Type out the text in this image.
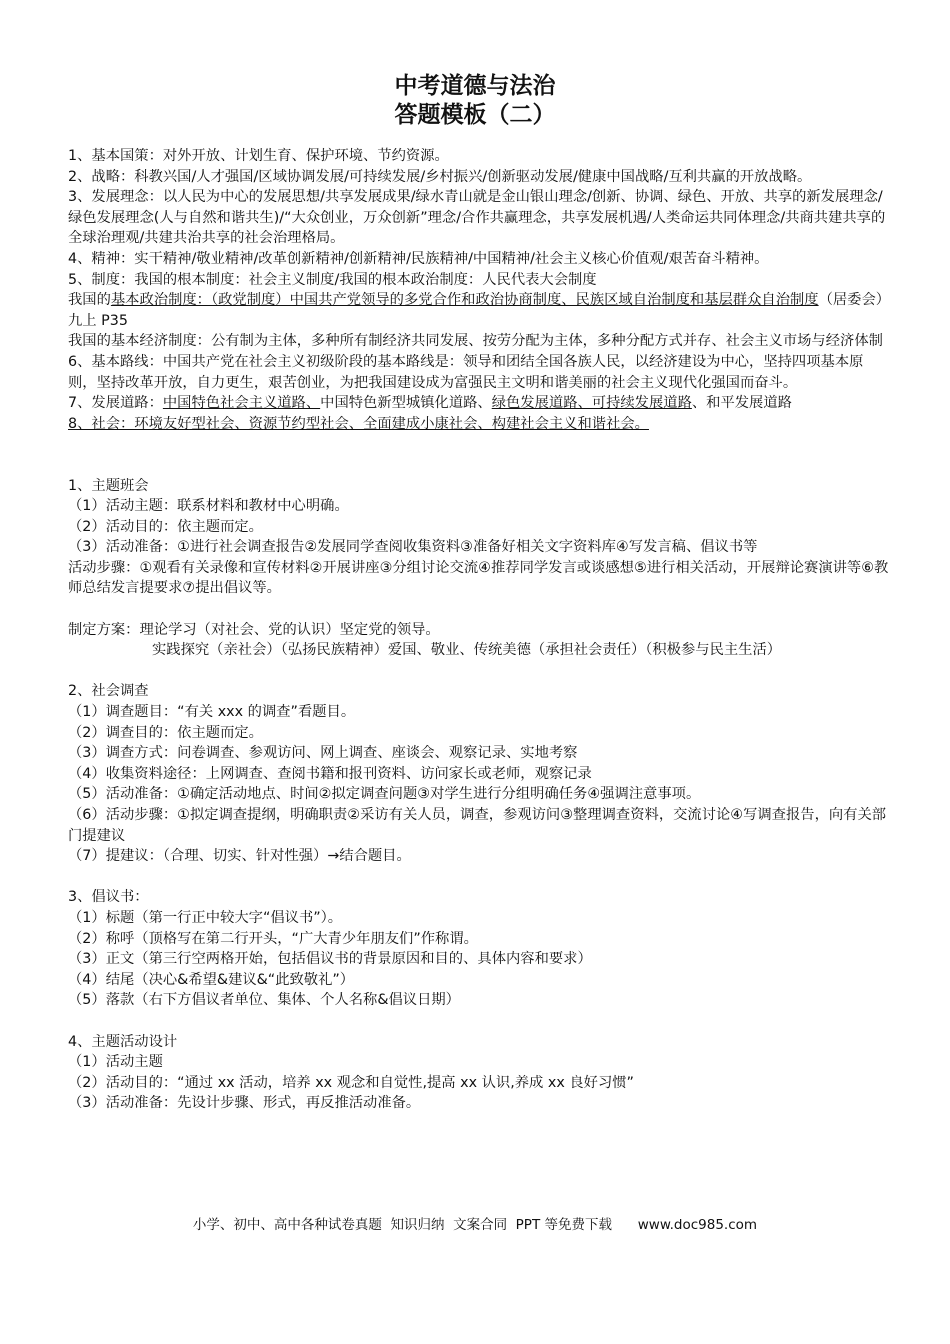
中考道德与法治
答题模板（二）

1、基本国策：对外开放、计划生育、保护环境、节约资源。

2、战略：科教兴国/人才强国/区域协调发展/可持续发展/乡村振兴/创新驱动发展/健康中国战略/互利共赢的开放战略。

3、发展理念：以人民为中心的发展思想/共享发展成果/绿水青山就是金山银山理念/创新、协调、绿色、开放、共享的新发展理念/绿色发展理念(人与自然和谐共生)/“大众创业，万众创新”理念/合作共赢理念，共享发展机遇/人类命运共同体理念/共商共建共享的全球治理观/共建共治共享的社会治理格局。

4、精神：实干精神/敬业精神/改革创新精神/创新精神/民族精神/中国精神/社会主义核心价值观/艰苦奋斗精神。

5、制度：我国的根本制度：社会主义制度/我国的根本政治制度：人民代表大会制度

我国的基本政治制度：（政党制度）中国共产党领导的多党合作和政治协商制度、民族区域自治制度和基层群众自治制度（居委会）九上 P35

我国的基本经济制度：公有制为主体，多种所有制经济共同发展、按劳分配为主体，多种分配方式并存、社会主义市场与经济体制

6、基本路线：中国共产党在社会主义初级阶段的基本路线是：领导和团结全国各族人民，以经济建设为中心，坚持四项基本原则，坚持改革开放，自力更生，艰苦创业，为把我国建设成为富强民主文明和谐美丽的社会主义现代化强国而奋斗。

7、发展道路：中国特色社会主义道路、中国特色新型城镇化道路、绿色发展道路、可持续发展道路、和平发展道路

8、社会：环境友好型社会、资源节约型社会、全面建成小康社会、构建社会主义和谐社会。

1、主题班会

（1）活动主题：联系材料和教材中心明确。

（2）活动目的：依主题而定。

（3）活动准备：①进行社会调查报告②发展同学查阅收集资料③准备好相关文字资料库④写发言稿、倡议书等

活动步骤：①观看有关录像和宣传材料②开展讲座③分组讨论交流④推荐同学发言或谈感想⑤进行相关活动，开展辩论赛演讲等⑥教师总结发言提要求⑦提出倡议等。

制定方案：理论学习（对社会、党的认识）坚定党的领导。

实践探究（亲社会）（弘扬民族精神）爱国、敬业、传统美德（承担社会责任）（积极参与民主生活）

2、社会调查

（1）调查题目：“有关 xxx 的调查”看题目。

（2）调查目的：依主题而定。

（3）调查方式：问卷调查、参观访问、网上调查、座谈会、观察记录、实地考察

（4）收集资料途径：上网调查、查阅书籍和报刊资料、访问家长或老师，观察记录

（5）活动准备：①确定活动地点、时间②拟定调查问题③对学生进行分组明确任务④强调注意事项。

（6）活动步骤：①拟定调查提纲，明确职责②采访有关人员，调查，参观访问③整理调查资料，交流讨论④写调查报告，向有关部门提建议

（7）提建议：（合理、切实、针对性强）→结合题目。

3、倡议书：

（1）标题（第一行正中较大字“倡议书”）。

（2）称呼（顶格写在第二行开头，“广大青少年朋友们”作称谓。

（3）正文（第三行空两格开始，包括倡议书的背景原因和目的、具体内容和要求）

（4）结尾（决心&希望&建议&“此致敬礼”）

（5）落款（右下方倡议者单位、集体、个人名称&倡议日期）

4、主题活动设计

（1）活动主题

（2）活动目的：“通过 xx 活动，培养 xx 观念和自觉性,提高 xx 认识,养成 xx 良好习惯”

（3）活动准备：先设计步骤、形式，再反推活动准备。

小学、初中、高中各种试卷真题  知识归纳  文案合同  PPT 等免费下载      www.doc985.com
